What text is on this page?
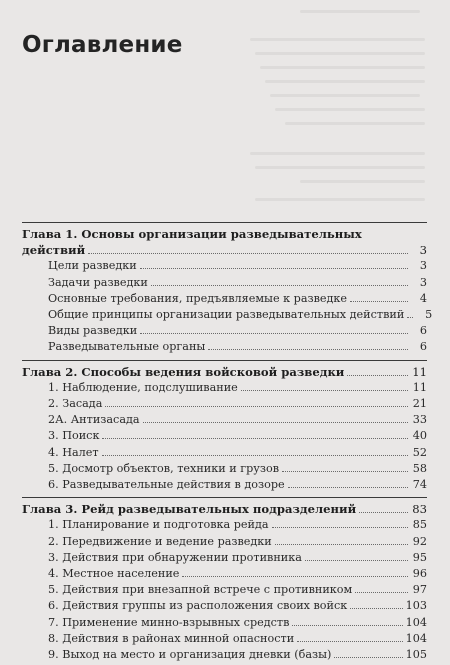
Оглавление
Глава 1. Основы организации разведывательных
действий	3
Цели разведки	3
Задачи разведки	3
Основные требования, предъявляемые к разведке	4
Общие принципы организации разведывательных действий	5
Виды разведки	6
Разведывательные органы	6
Глава 2. Способы ведения войсковой разведки	11
1. Наблюдение, подслушивание	11
2. Засада	21
2А. Антизасада	33
3. Поиск	40
4. Налет	52
5. Досмотр объектов, техники и грузов	58
6. Разведывательные действия в дозоре	74
Глава 3. Рейд разведывательных подразделений	83
1. Планирование и подготовка рейда	85
2. Передвижение и ведение разведки	92
3. Действия при обнаружении противника	95
4. Местное население	96
5. Действия при внезапной встрече с противником	97
6. Действия группы из расположения своих войск	103
7. Применение минно-взрывных средств	104
8. Действия в районах минной опасности	104
9. Выход на место и организация дневки (базы)	105
